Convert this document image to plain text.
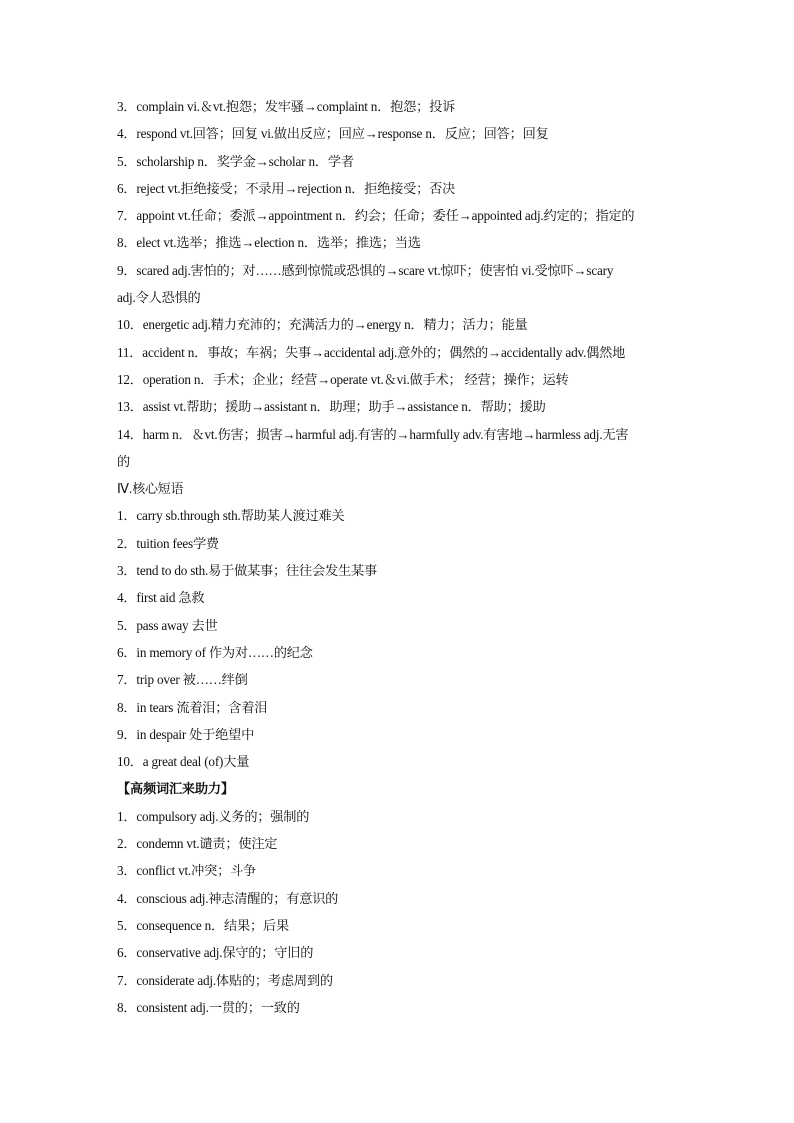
3．complain vi.＆vt.抱怨；发牢骚→complaint n．抱怨；投诉
4．respond vt.回答；回复 vi.做出反应；回应→response n．反应；回答；回复
5．scholarship n．奖学金→scholar n．学者
6．reject vt.拒绝接受；不录用→rejection n．拒绝接受；否决
7．appoint vt.任命；委派→appointment n．约会；任命；委任→appointed adj.约定的；指定的
8．elect vt.选举；推选→election n．选举；推选；当选
9．scared adj.害怕的；对……感到惊慌或恐惧的→scare vt.惊吓；使害怕 vi.受惊吓→scary
adj.令人恐惧的
10．energetic adj.精力充沛的；充满活力的→energy n．精力；活力；能量
11．accident n．事故；车祸；失事→accidental adj.意外的；偶然的→accidentally adv.偶然地
12．operation n．手术；企业；经营→operate vt.＆vi.做手术； 经营；操作；运转
13．assist vt.帮助；援助→assistant n．助理；助手→assistance n．帮助；援助
14．harm n．＆vt.伤害；损害→harmful adj.有害的→harmfully adv.有害地→harmless adj.无害
的
Ⅳ.核心短语
1．carry sb.through sth.帮助某人渡过难关
2．tuition fees学费
3．tend to do sth.易于做某事；往往会发生某事
4．first aid 急救
5．pass away 去世
6．in memory of 作为对……的纪念
7．trip over 被……绊倒
8．in tears 流着泪；含着泪
9．in despair 处于绝望中
10．a great deal (of)大量
【高频词汇来助力】
1．compulsory adj.义务的；强制的
2．condemn vt.谴责；使注定
3．conflict vt.冲突；斗争
4．conscious adj.神志清醒的；有意识的
5．consequence n．结果；后果
6．conservative adj.保守的；守旧的
7．considerate adj.体贴的；考虑周到的
8．consistent adj.一贯的；一致的
